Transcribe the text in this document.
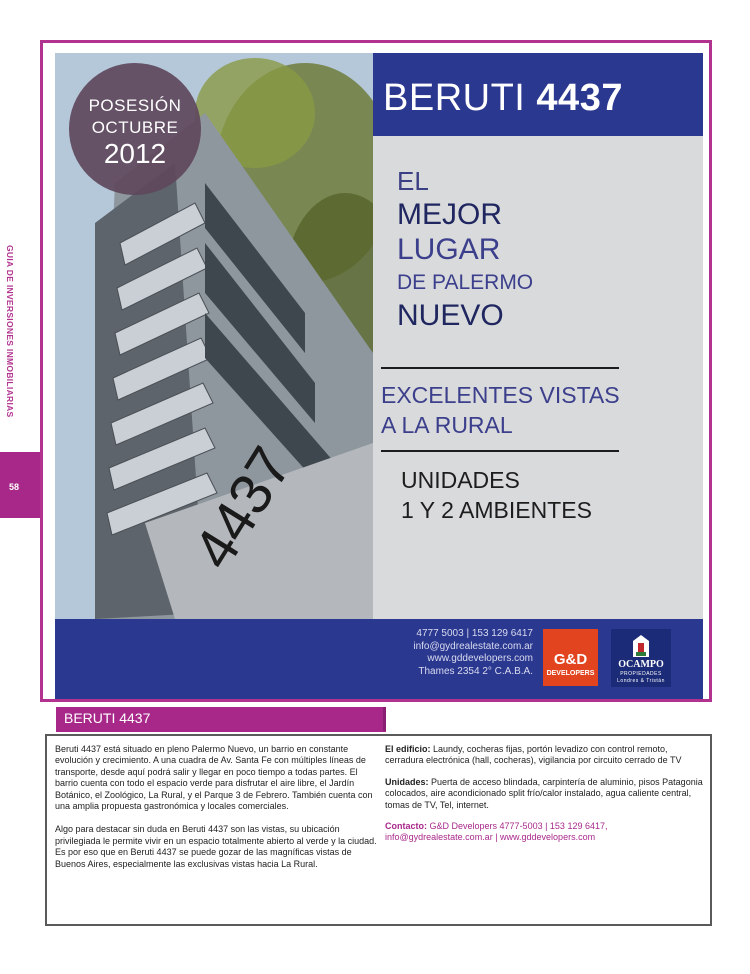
GUIA DE INVERSIONES INMOBILIARIAS
58	4437
POSESIÓN
OCTUBRE
2012
BERUTI 4437
EL
MEJOR
LUGAR
DE PALERMO
NUEVO
EXCELENTES VISTAS
A LA RURAL
UNIDADES
1 Y 2 AMBIENTES
4777 5003 | 153 129 6417
info@gydrealestate.com.ar
www.gddevelopers.com
Thames 2354 2° C.A.B.A.
G&D
DEVELOPERS
OCAMPO
PROPIEDADES
Londres & Tristán
BERUTI 4437

Beruti 4437 está situado en pleno Palermo Nuevo, un barrio en constante evolución y crecimiento. A una cuadra de Av. Santa Fe con múltiples líneas de transporte, desde aquí podrá salir y llegar en poco tiempo a todas partes. El barrio cuenta con todo el espacio verde para disfrutar el aire libre, el Jardín Botánico, el Zoológico, La Rural, y el Parque 3 de Febrero. También cuenta con una amplia propuesta gastronómica y locales comerciales.

Algo para destacar sin duda en Beruti 4437 son las vistas, su ubicación privilegiada le permite vivir en un espacio totalmente abierto al verde y la ciudad. Es por eso que en Beruti 4437 se puede gozar de las magníficas vistas de Buenos Aires, especialmente las exclusivas vistas hacia La Rural.

El edificio: Laundy, cocheras fijas, portón levadizo con control remoto, cerradura electrónica (hall, cocheras), vigilancia por circuito cerrado de TV

Unidades: Puerta de acceso blindada, carpintería de aluminio, pisos Patagonia colocados, aire acondicionado split frío/calor instalado, agua caliente central, tomas de TV, Tel, internet.

Contacto: G&D Developers 4777-5003 | 153 129 6417, info@gydrealestate.com.ar | www.gddevelopers.com
